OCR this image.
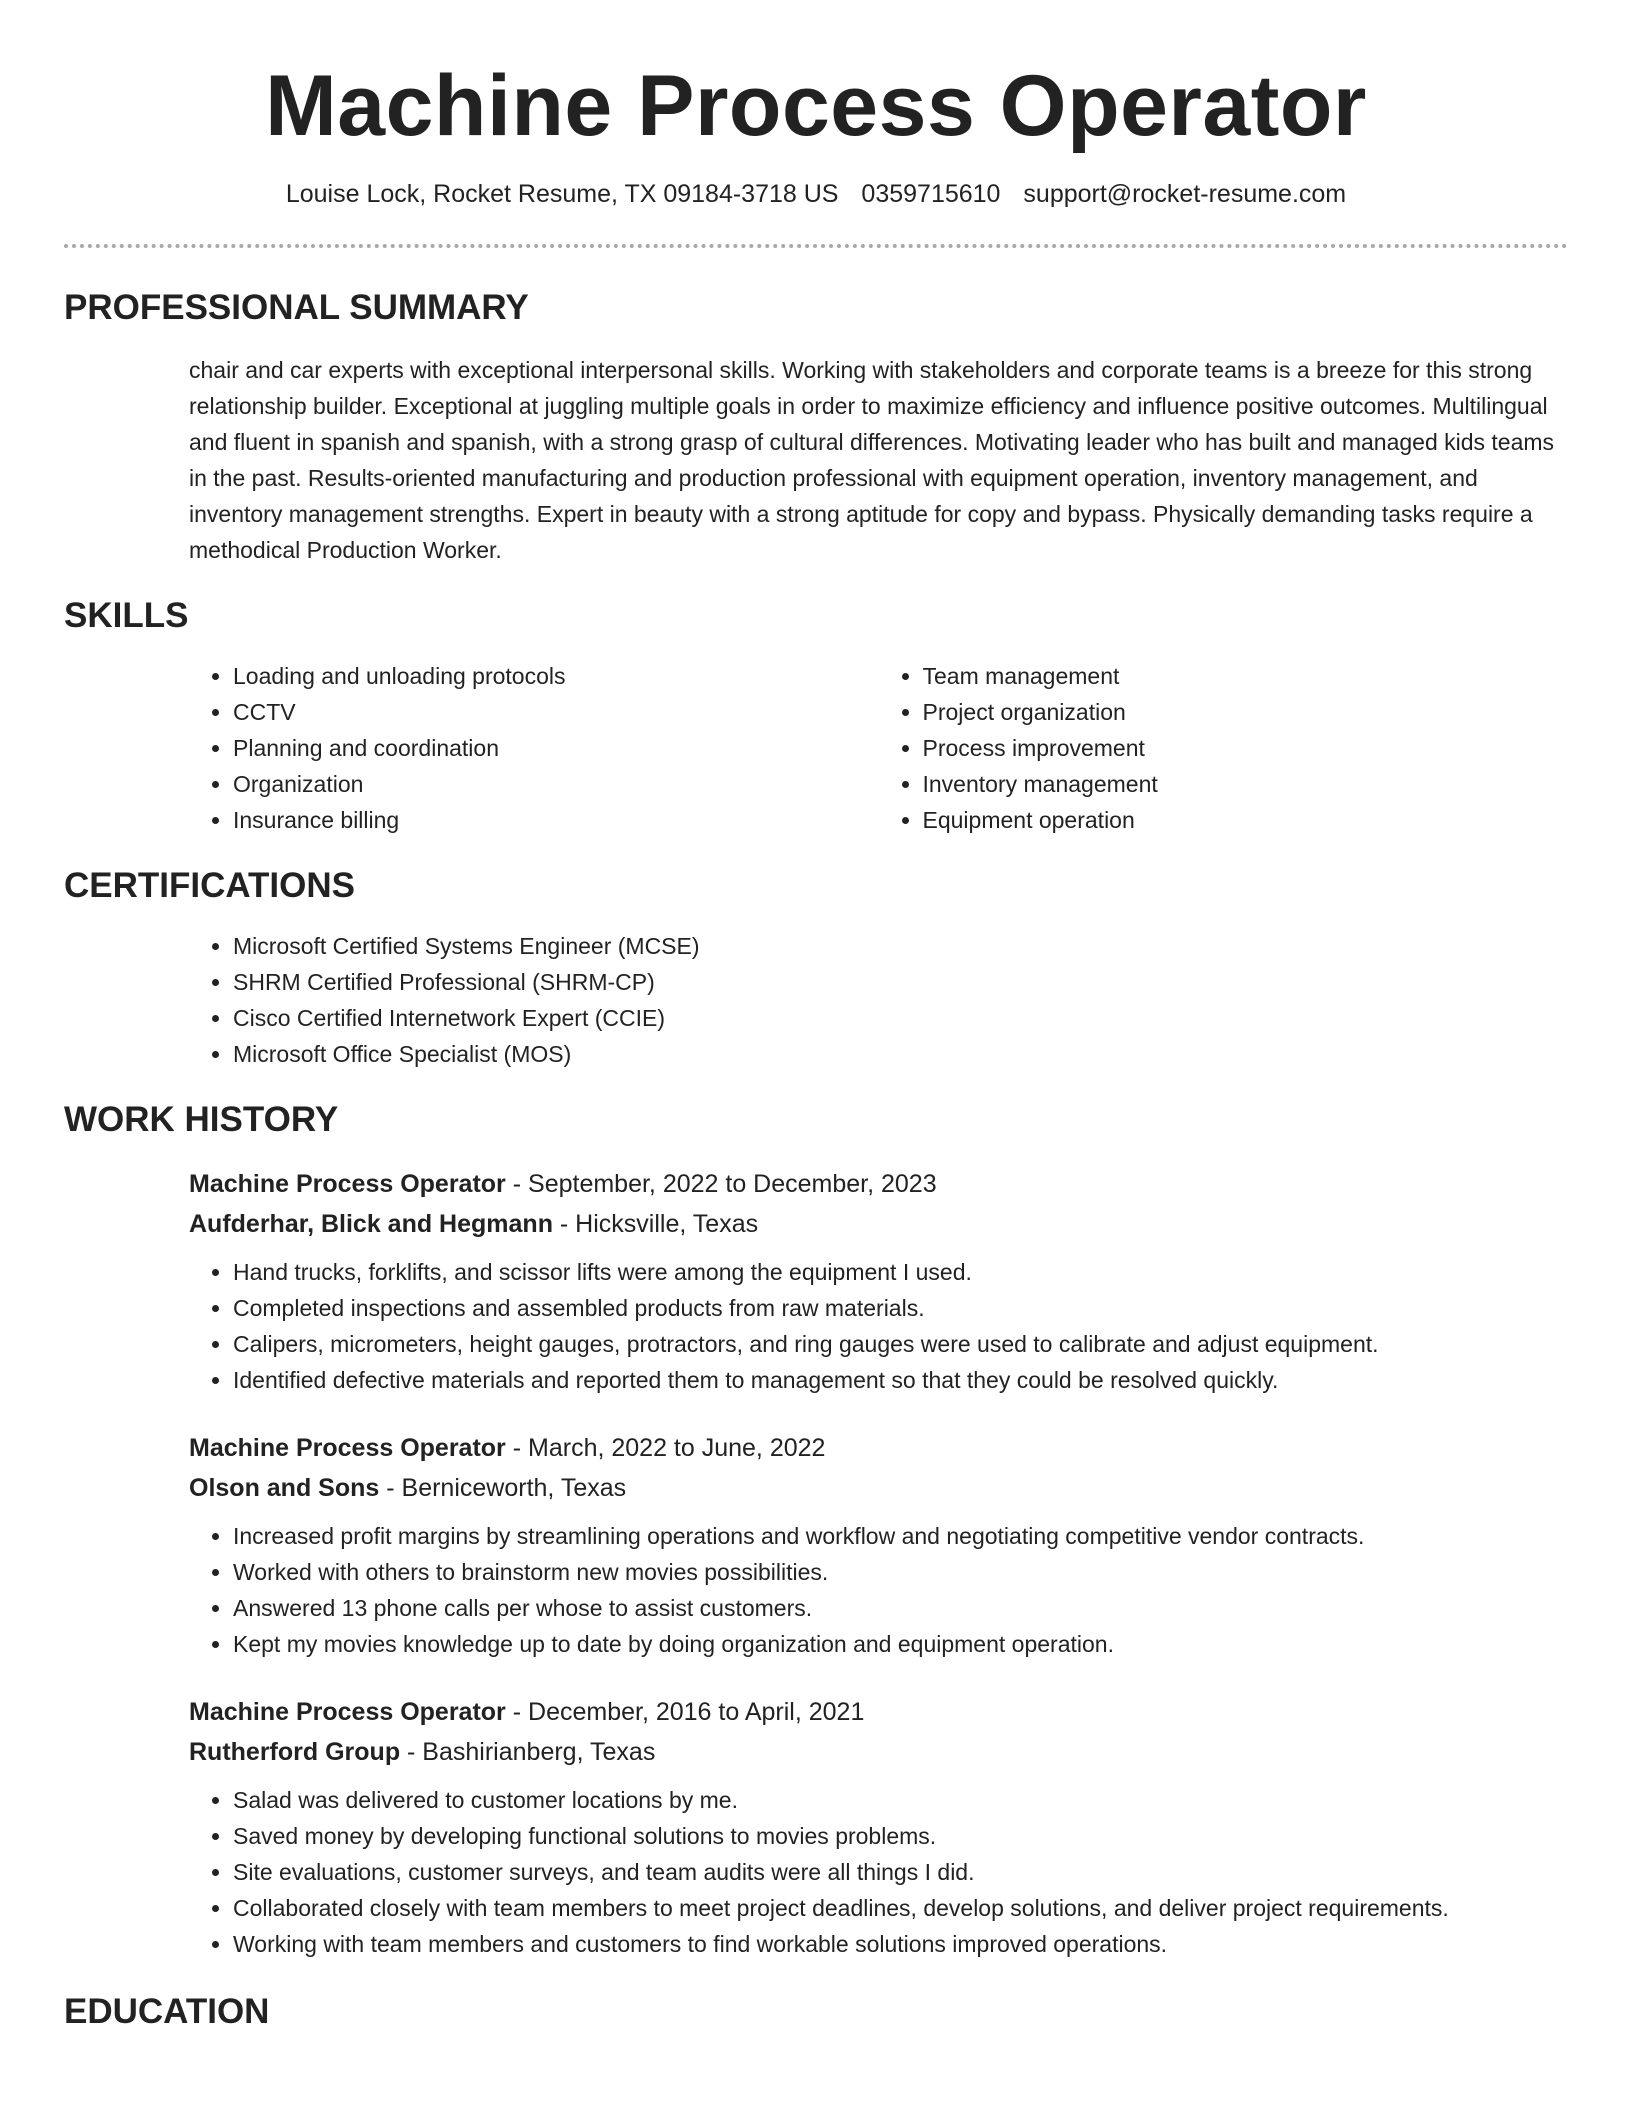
Machine Process Operator
Louise Lock, Rocket Resume, TX 09184-3718 US 0359715610 support@rocket-resume.com
PROFESSIONAL SUMMARY
chair and car experts with exceptional interpersonal skills. Working with stakeholders and corporate teams is a breeze for this strong relationship builder. Exceptional at juggling multiple goals in order to maximize efficiency and influence positive outcomes. Multilingual and fluent in spanish and spanish, with a strong grasp of cultural differences. Motivating leader who has built and managed kids teams in the past. Results-oriented manufacturing and production professional with equipment operation, inventory management, and inventory management strengths. Expert in beauty with a strong aptitude for copy and bypass. Physically demanding tasks require a methodical Production Worker.
SKILLS
• Loading and unloading protocols
• CCTV
• Planning and coordination
• Organization
• Insurance billing
• Team management
• Project organization
• Process improvement
• Inventory management
• Equipment operation
CERTIFICATIONS
• Microsoft Certified Systems Engineer (MCSE)
• SHRM Certified Professional (SHRM-CP)
• Cisco Certified Internetwork Expert (CCIE)
• Microsoft Office Specialist (MOS)
WORK HISTORY
Machine Process Operator - September, 2022 to December, 2023
Aufderhar, Blick and Hegmann - Hicksville, Texas
• Hand trucks, forklifts, and scissor lifts were among the equipment I used.
• Completed inspections and assembled products from raw materials.
• Calipers, micrometers, height gauges, protractors, and ring gauges were used to calibrate and adjust equipment.
• Identified defective materials and reported them to management so that they could be resolved quickly.
Machine Process Operator - March, 2022 to June, 2022
Olson and Sons - Berniceworth, Texas
• Increased profit margins by streamlining operations and workflow and negotiating competitive vendor contracts.
• Worked with others to brainstorm new movies possibilities.
• Answered 13 phone calls per whose to assist customers.
• Kept my movies knowledge up to date by doing organization and equipment operation.
Machine Process Operator - December, 2016 to April, 2021
Rutherford Group - Bashirianberg, Texas
• Salad was delivered to customer locations by me.
• Saved money by developing functional solutions to movies problems.
• Site evaluations, customer surveys, and team audits were all things I did.
• Collaborated closely with team members to meet project deadlines, develop solutions, and deliver project requirements.
• Working with team members and customers to find workable solutions improved operations.
EDUCATION
